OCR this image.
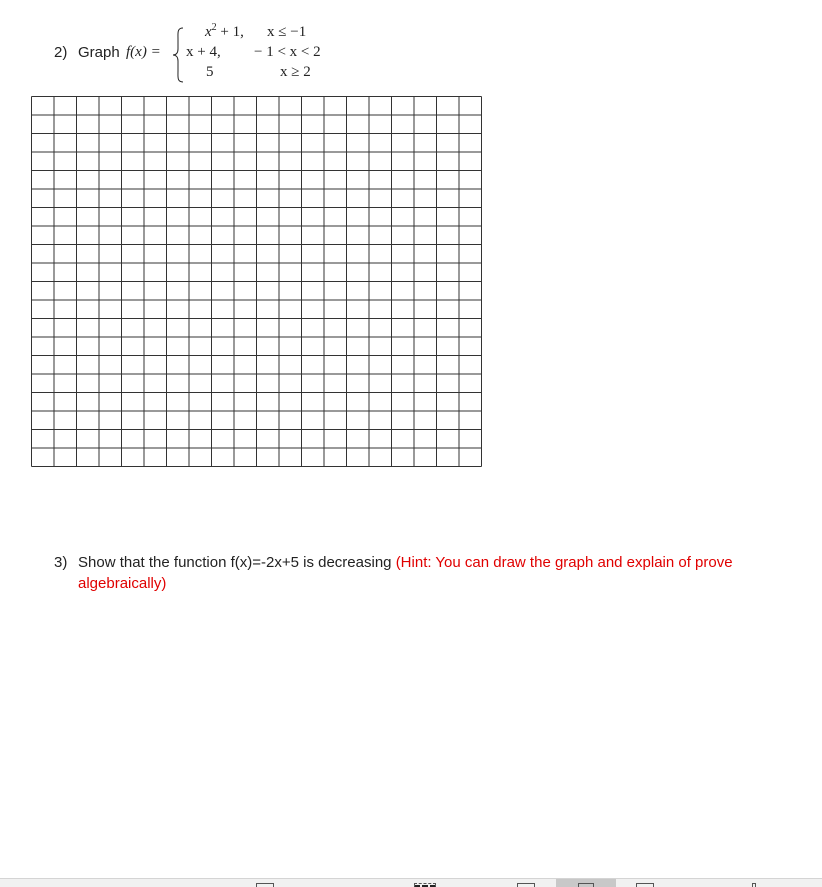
2) Graph f(x) =
$x^2 + 1$, x ≤ −1
x + 4, − 1 < x < 2
5	x ≥ 2
3) Show that the function f(x)=-2x+5 is decreasing (Hint: You can draw the graph and explain of prove algebraically)
